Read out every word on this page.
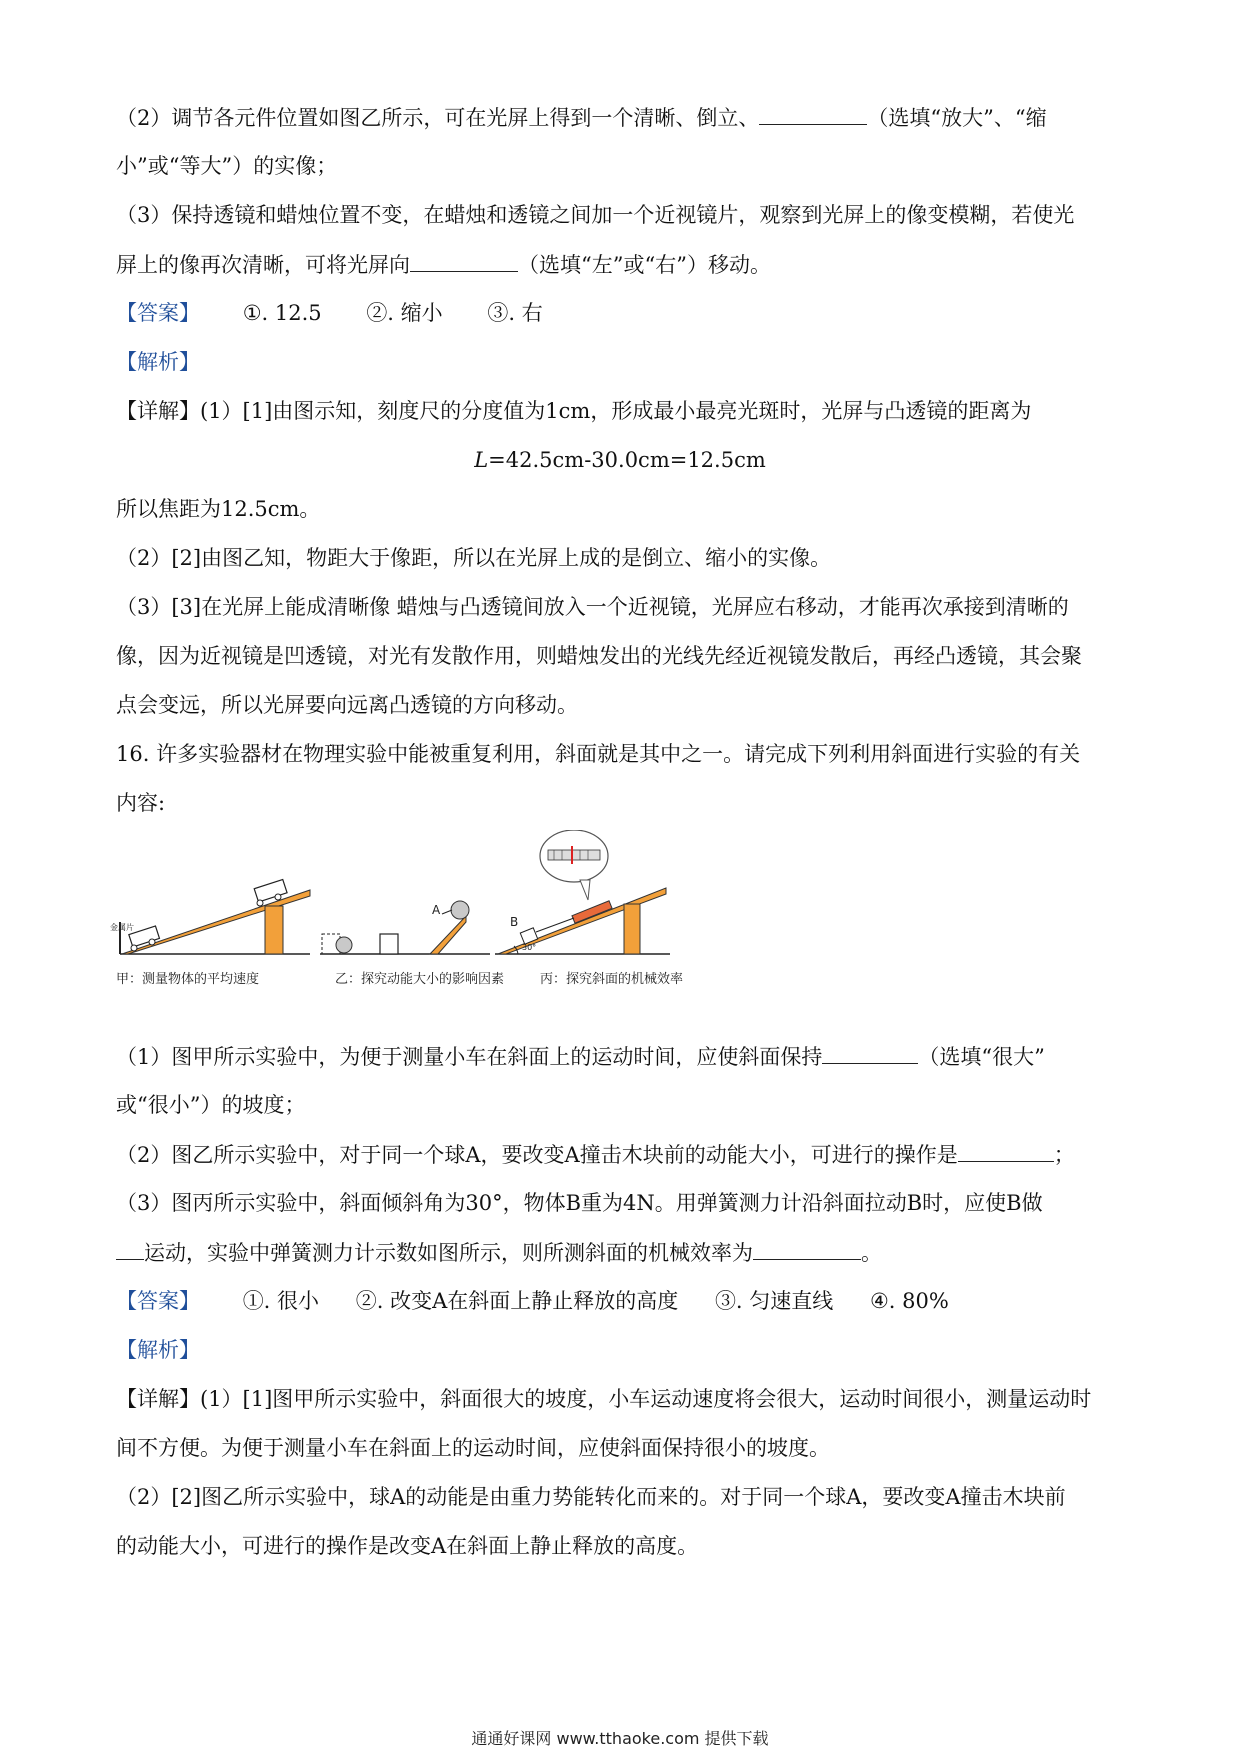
（2）调节各元件位置如图乙所示，可在光屏上得到一个清晰、倒立、	（选填“放大”、“缩
小”或“等大”）的实像；
（3）保持透镜和蜡烛位置不变，在蜡烛和透镜之间加一个近视镜片，观察到光屏上的像变模糊，若使光
屏上的像再次清晰，可将光屏向	（选填“左”或“右”）移动。
【答案】 ①. 12.5 ②. 缩小 ③. 右
【解析】
【详解】(1）[1]由图示知，刻度尺的分度值为1cm，形成最小最亮光斑时，光屏与凸透镜的距离为
L=42.5cm-30.0cm=12.5cm
所以焦距为12.5cm。
（2）[2]由图乙知，物距大于像距，所以在光屏上成的是倒立、缩小的实像。
（3）[3]在光屏上能成清晰像 蜡烛与凸透镜间放入一个近视镜，光屏应右移动，才能再次承接到清晰的
像，因为近视镜是凹透镜，对光有发散作用，则蜡烛发出的光线先经近视镜发散后，再经凸透镜，其会聚
点会变远，所以光屏要向远离凸透镜的方向移动。
16. 许多实验器材在物理实验中能被重复利用，斜面就是其中之一。请完成下列利用斜面进行实验的有关
内容:
金属片
A
B
30°
甲：测量物体的平均速度	乙：探究动能大小的影响因素	丙：探究斜面的机械效率
（1）图甲所示实验中，为便于测量小车在斜面上的运动时间，应使斜面保持	（选填“很大”
或“很小”）的坡度；
（2）图乙所示实验中，对于同一个球A，要改变A撞击木块前的动能大小，可进行的操作是	；
（3）图丙所示实验中，斜面倾斜角为30°，物体B重为4N。用弹簧测力计沿斜面拉动B时，应使B做
运动，实验中弹簧测力计示数如图所示，则所测斜面的机械效率为	。
【答案】 ①. 很小 ②. 改变A在斜面上静止释放的高度 ③. 匀速直线 ④. 80%
【解析】
【详解】(1）[1]图甲所示实验中，斜面很大的坡度，小车运动速度将会很大，运动时间很小，测量运动时
间不方便。为便于测量小车在斜面上的运动时间，应使斜面保持很小的坡度。
（2）[2]图乙所示实验中，球A的动能是由重力势能转化而来的。对于同一个球A，要改变A撞击木块前
的动能大小，可进行的操作是改变A在斜面上静止释放的高度。
通通好课网 www.tthaoke.com 提供下载
